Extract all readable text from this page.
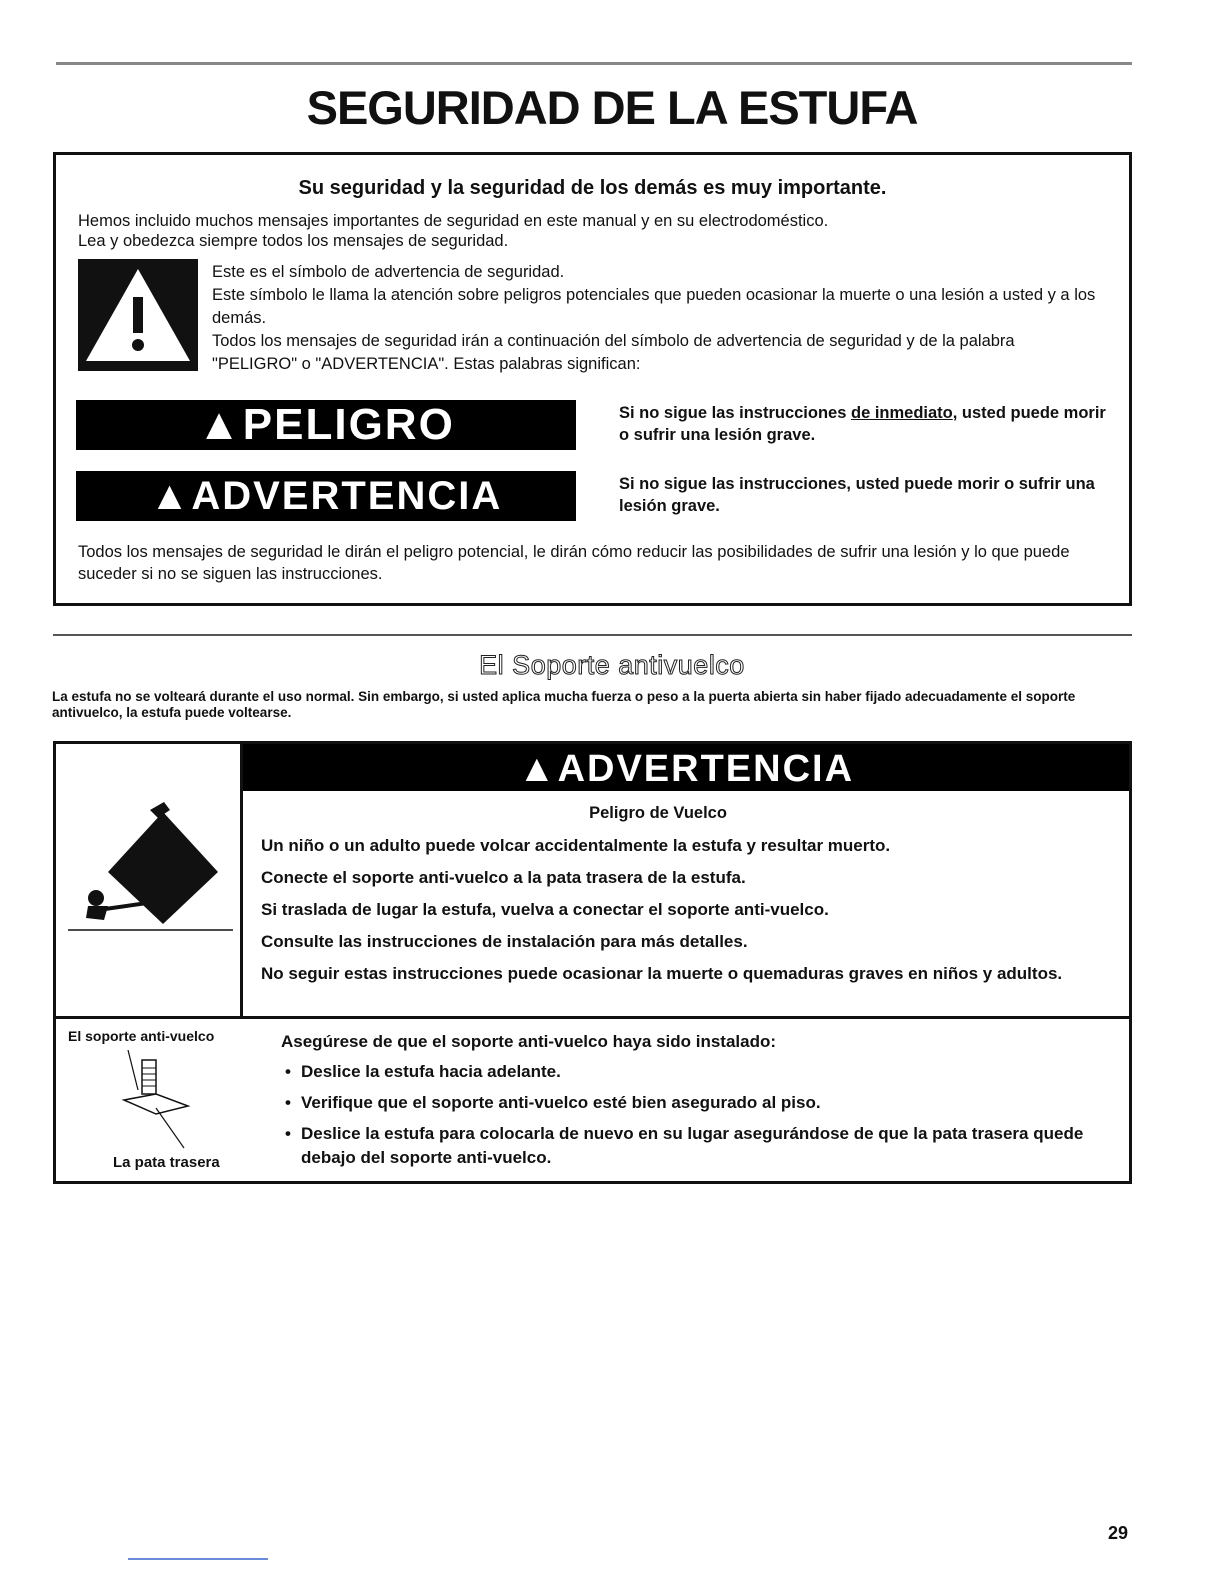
SEGURIDAD DE LA ESTUFA
Su seguridad y la seguridad de los demás es muy importante.
Hemos incluido muchos mensajes importantes de seguridad en este manual y en su electrodoméstico.
Lea y obedezca siempre todos los mensajes de seguridad.
Este es el símbolo de advertencia de seguridad.
Este símbolo le llama la atención sobre peligros potenciales que pueden ocasionar la muerte o una lesión a usted y a los demás.
Todos los mensajes de seguridad irán a continuación del símbolo de advertencia de seguridad y de la palabra "PELIGRO" o "ADVERTENCIA". Estas palabras significan:
▲PELIGRO	Si no sigue las instrucciones de inmediato, usted puede morir o sufrir una lesión grave.
▲ADVERTENCIA	Si no sigue las instrucciones, usted puede morir o sufrir una lesión grave.
Todos los mensajes de seguridad le dirán el peligro potencial, le dirán cómo reducir las posibilidades de sufrir una lesión y lo que puede suceder si no se siguen las instrucciones.
El Soporte antivuelco
La estufa no se volteará durante el uso normal. Sin embargo, si usted aplica mucha fuerza o peso a la puerta abierta sin haber fijado adecuadamente el soporte antivuelco, la estufa puede voltearse.
▲ADVERTENCIA
Peligro de Vuelco
Un niño o un adulto puede volcar accidentalmente la estufa y resultar muerto.
Conecte el soporte anti-vuelco a la pata trasera de la estufa.
Si traslada de lugar la estufa, vuelva a conectar el soporte anti-vuelco.
Consulte las instrucciones de instalación para más detalles.
No seguir estas instrucciones puede ocasionar la muerte o quemaduras graves en niños y adultos.
El soporte anti-vuelco
La pata trasera
Asegúrese de que el soporte anti-vuelco haya sido instalado:
• Deslice la estufa hacia adelante.
• Verifique que el soporte anti-vuelco esté bien asegurado al piso.
• Deslice la estufa para colocarla de nuevo en su lugar asegurándose de que la pata trasera quede debajo del soporte anti-vuelco.
29
